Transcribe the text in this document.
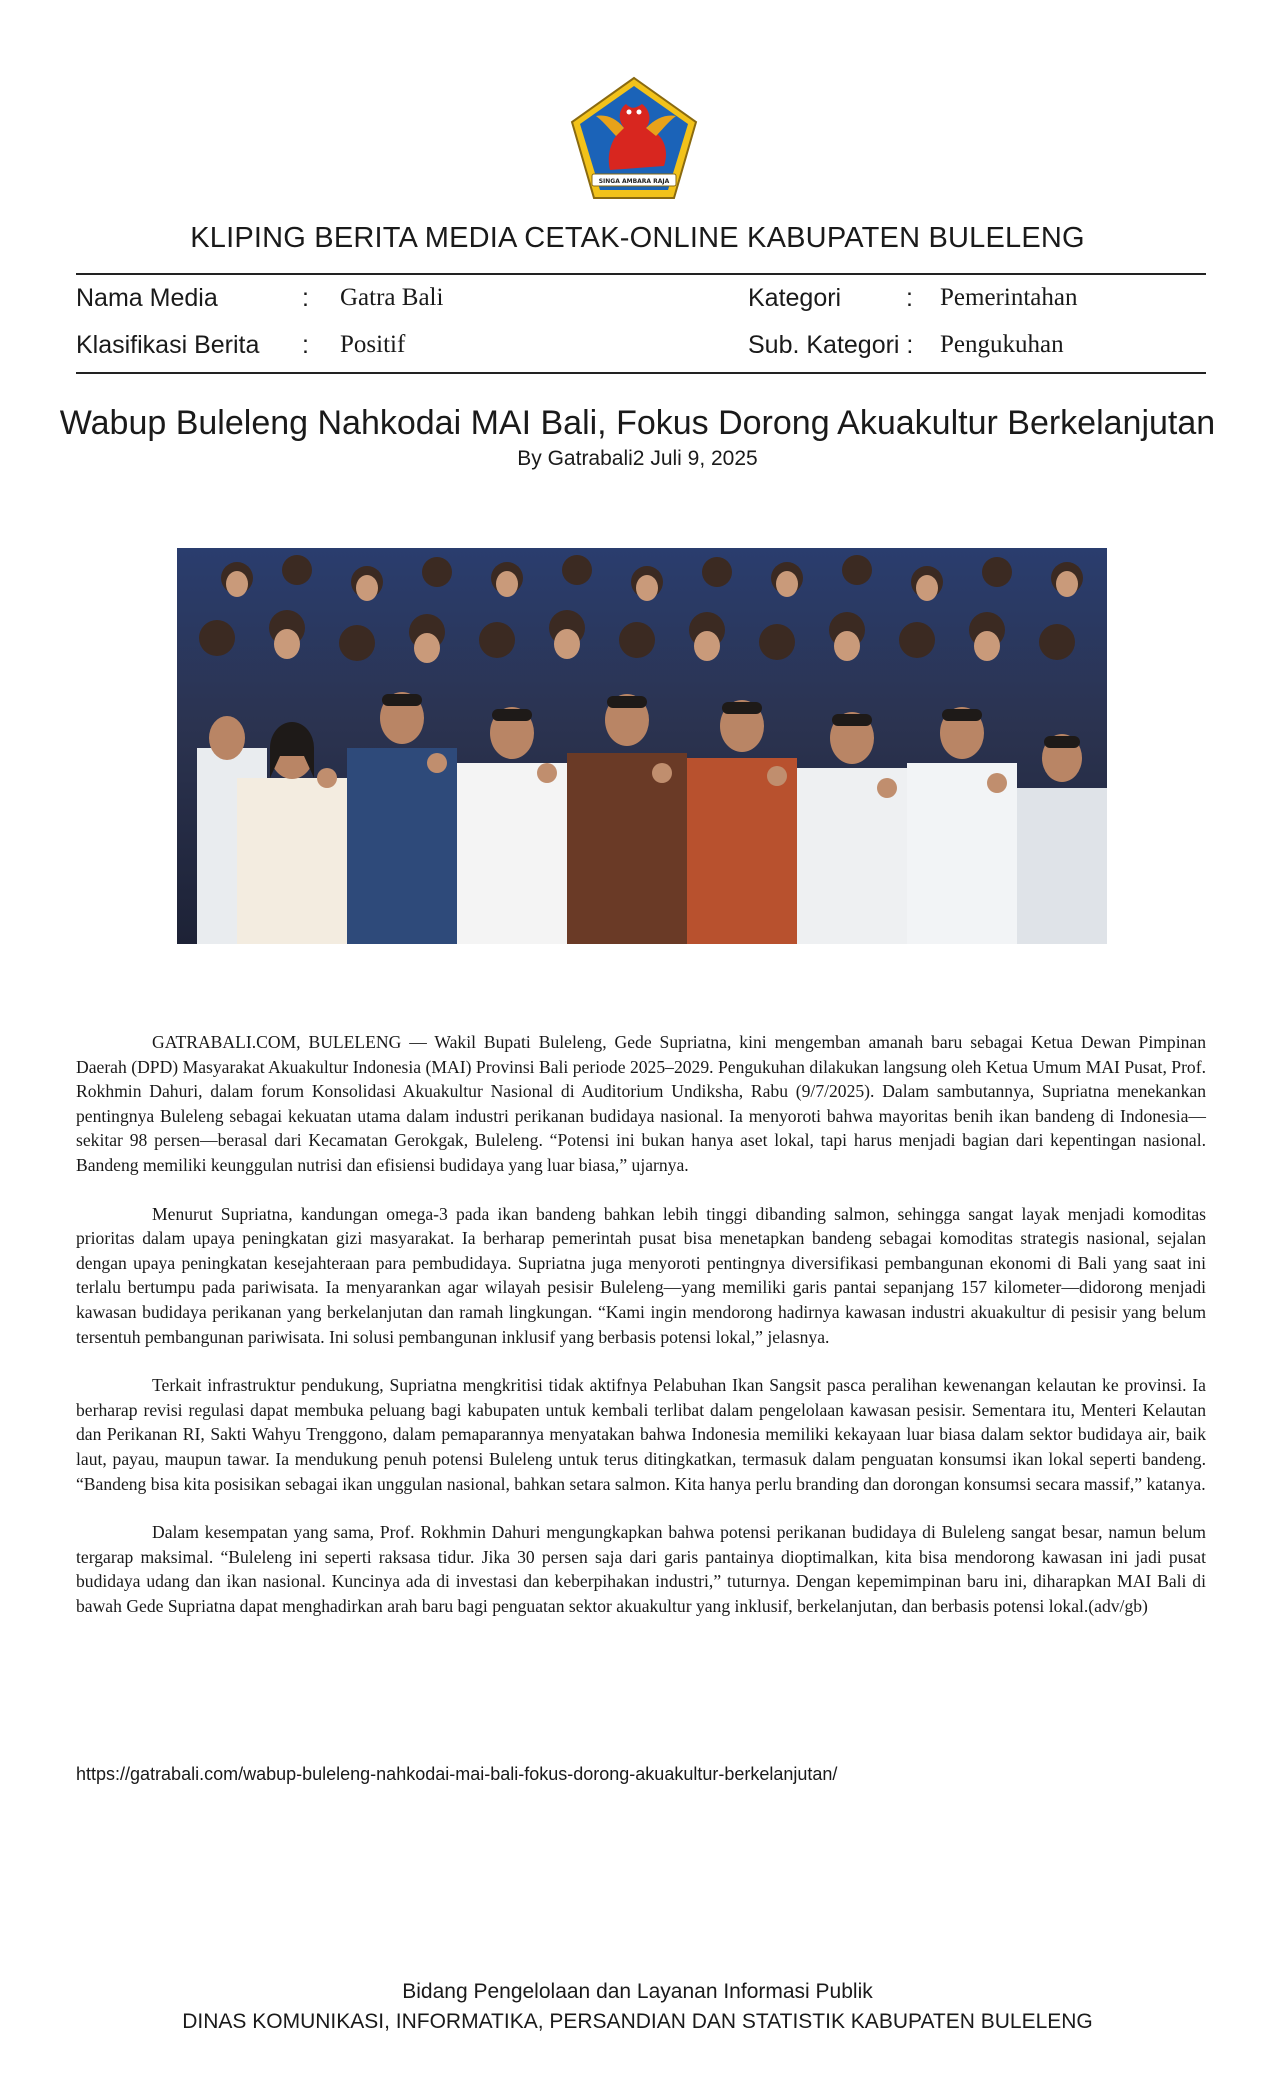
SINGA AMBARA RAJA
KLIPING BERITA MEDIA CETAK-ONLINE KABUPATEN BULELENG
Nama Media	: Gatra Bali	Kategori	: Pemerintahan
Klasifikasi Berita : Positif	Sub. Kategori : Pengukuhan
Wabup Buleleng Nahkodai MAI Bali, Fokus Dorong Akuakultur Berkelanjutan
By Gatrabali2 Juli 9, 2025

GATRABALI.COM, BULELENG — Wakil Bupati Buleleng, Gede Supriatna, kini mengemban amanah baru sebagai Ketua Dewan Pimpinan Daerah (DPD) Masyarakat Akuakultur Indonesia (MAI) Provinsi Bali periode 2025–2029. Pengukuhan dilakukan langsung oleh Ketua Umum MAI Pusat, Prof. Rokhmin Dahuri, dalam forum Konsolidasi Akuakultur Nasional di Auditorium Undiksha, Rabu (9/7/2025). Dalam sambutannya, Supriatna menekankan pentingnya Buleleng sebagai kekuatan utama dalam industri perikanan budidaya nasional. Ia menyoroti bahwa mayoritas benih ikan bandeng di Indonesia—sekitar 98 persen—berasal dari Kecamatan Gerokgak, Buleleng. “Potensi ini bukan hanya aset lokal, tapi harus menjadi bagian dari kepentingan nasional. Bandeng memiliki keunggulan nutrisi dan efisiensi budidaya yang luar biasa,” ujarnya.

Menurut Supriatna, kandungan omega-3 pada ikan bandeng bahkan lebih tinggi dibanding salmon, sehingga sangat layak menjadi komoditas prioritas dalam upaya peningkatan gizi masyarakat. Ia berharap pemerintah pusat bisa menetapkan bandeng sebagai komoditas strategis nasional, sejalan dengan upaya peningkatan kesejahteraan para pembudidaya. Supriatna juga menyoroti pentingnya diversifikasi pembangunan ekonomi di Bali yang saat ini terlalu bertumpu pada pariwisata. Ia menyarankan agar wilayah pesisir Buleleng—yang memiliki garis pantai sepanjang 157 kilometer—didorong menjadi kawasan budidaya perikanan yang berkelanjutan dan ramah lingkungan. “Kami ingin mendorong hadirnya kawasan industri akuakultur di pesisir yang belum tersentuh pembangunan pariwisata. Ini solusi pembangunan inklusif yang berbasis potensi lokal,” jelasnya.

Terkait infrastruktur pendukung, Supriatna mengkritisi tidak aktifnya Pelabuhan Ikan Sangsit pasca peralihan kewenangan kelautan ke provinsi. Ia berharap revisi regulasi dapat membuka peluang bagi kabupaten untuk kembali terlibat dalam pengelolaan kawasan pesisir. Sementara itu, Menteri Kelautan dan Perikanan RI, Sakti Wahyu Trenggono, dalam pemaparannya menyatakan bahwa Indonesia memiliki kekayaan luar biasa dalam sektor budidaya air, baik laut, payau, maupun tawar. Ia mendukung penuh potensi Buleleng untuk terus ditingkatkan, termasuk dalam penguatan konsumsi ikan lokal seperti bandeng. “Bandeng bisa kita posisikan sebagai ikan unggulan nasional, bahkan setara salmon. Kita hanya perlu branding dan dorongan konsumsi secara massif,” katanya.

Dalam kesempatan yang sama, Prof. Rokhmin Dahuri mengungkapkan bahwa potensi perikanan budidaya di Buleleng sangat besar, namun belum tergarap maksimal. “Buleleng ini seperti raksasa tidur. Jika 30 persen saja dari garis pantainya dioptimalkan, kita bisa mendorong kawasan ini jadi pusat budidaya udang dan ikan nasional. Kuncinya ada di investasi dan keberpihakan industri,” tuturnya. Dengan kepemimpinan baru ini, diharapkan MAI Bali di bawah Gede Supriatna dapat menghadirkan arah baru bagi penguatan sektor akuakultur yang inklusif, berkelanjutan, dan berbasis potensi lokal.(adv/gb)

https://gatrabali.com/wabup-buleleng-nahkodai-mai-bali-fokus-dorong-akuakultur-berkelanjutan/
Bidang Pengelolaan dan Layanan Informasi Publik
DINAS KOMUNIKASI, INFORMATIKA, PERSANDIAN DAN STATISTIK KABUPATEN BULELENG
